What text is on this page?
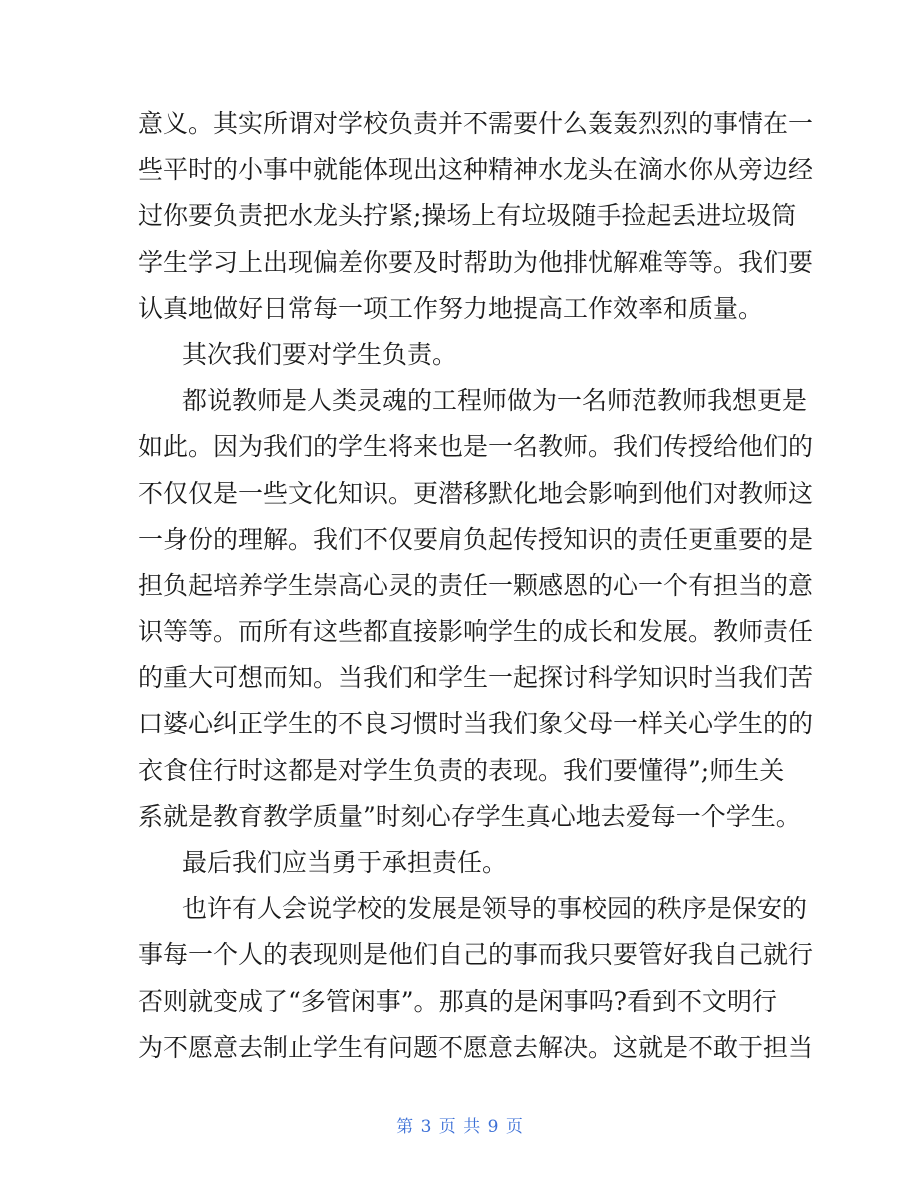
意义。其实所谓对学校负责并不需要什么轰轰烈烈的事情在一
些平时的小事中就能体现出这种精神水龙头在滴水你从旁边经
过你要负责把水龙头拧紧;操场上有垃圾随手捡起丢进垃圾筒
学生学习上出现偏差你要及时帮助为他排忧解难等等。我们要
认真地做好日常每一项工作努力地提高工作效率和质量。
其次我们要对学生负责。
都说教师是人类灵魂的工程师做为一名师范教师我想更是
如此。因为我们的学生将来也是一名教师。我们传授给他们的
不仅仅是一些文化知识。更潜移默化地会影响到他们对教师这
一身份的理解。我们不仅要肩负起传授知识的责任更重要的是
担负起培养学生崇高心灵的责任一颗感恩的心一个有担当的意
识等等。而所有这些都直接影响学生的成长和发展。教师责任
的重大可想而知。当我们和学生一起探讨科学知识时当我们苦
口婆心纠正学生的不良习惯时当我们象父母一样关心学生的的
衣食住行时这都是对学生负责的表现。我们要懂得”;师生关
系就是教育教学质量”时刻心存学生真心地去爱每一个学生。
最后我们应当勇于承担责任。
也许有人会说学校的发展是领导的事校园的秩序是保安的
事每一个人的表现则是他们自己的事而我只要管好我自己就行
否则就变成了“多管闲事”。那真的是闲事吗?看到不文明行
为不愿意去制止学生有问题不愿意去解决。这就是不敢于担当
第 3 页 共 9 页
